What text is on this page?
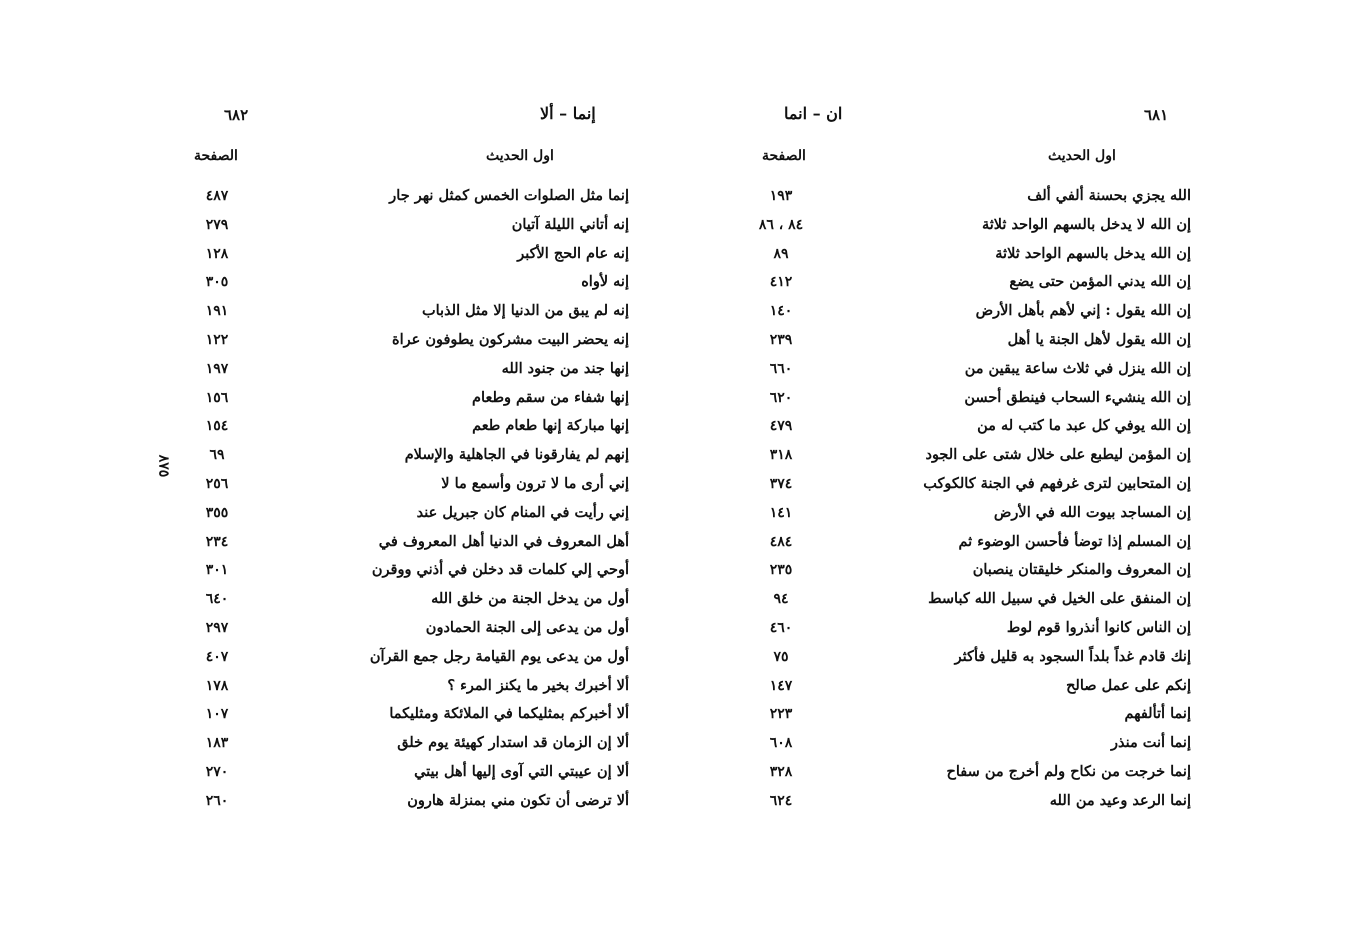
٦٨١
ان – انما
اول الحديث
الصفحة
الله يجزي بحسنة ألفي ألف
١٩٣
إن الله لا يدخل بالسهم الواحد ثلاثة
٨٤ ، ٨٦
إن الله يدخل بالسهم الواحد ثلاثة
٨٩
إن الله يدني المؤمن حتى يضع
٤١٢
إن الله يقول : إني لأهم بأهل الأرض
١٤٠
إن الله يقول لأهل الجنة يا أهل
٢٣٩
إن الله ينزل في ثلاث ساعة يبقين من
٦٦٠
إن الله ينشيء السحاب فينطق أحسن
٦٢٠
إن الله يوفي كل عبد ما كتب له من
٤٧٩
إن المؤمن ليطبع على خلال شتى على الجود
٣١٨
إن المتحابين لترى غرفهم في الجنة كالكوكب
٣٧٤
إن المساجد بيوت الله في الأرض
١٤١
إن المسلم إذا توضأ فأحسن الوضوء ثم
٤٨٤
إن المعروف والمنكر خليقتان ينصبان
٢٣٥
إن المنفق على الخيل في سبيل الله كباسط
٩٤
إن الناس كانوا أنذروا قوم لوط
٤٦٠
إنك قادم غداً بلداً السجود به قليل فأكثر
٧٥
إنكم على عمل صالح
١٤٧
إنما أتألفهم
٢٢٣
إنما أنت منذر
٦٠٨
إنما خرجت من نكاح ولم أخرج من سفاح
٣٢٨
إنما الرعد وعيد من الله
٦٢٤
٦٨٢	إنما – ألا
اول الحديث
الصفحة
٨٧٥
إنما مثل الصلوات الخمس كمثل نهر جار
٤٨٧
إنه أتاني الليلة آتيان
٢٧٩
إنه عام الحج الأكبر
١٢٨
إنه لأواه
٣٠٥
إنه لم يبق من الدنيا إلا مثل الذباب
١٩١
إنه يحضر البيت مشركون يطوفون عراة
١٢٢
إنها جند من جنود الله
١٩٧
إنها شفاء من سقم وطعام
١٥٦
إنها مباركة إنها طعام طعم
١٥٤
إنهم لم يفارقونا في الجاهلية والإسلام
٦٩
إني أرى ما لا ترون وأسمع ما لا
٢٥٦
إني رأيت في المنام كان جبريل عند
٣٥٥
أهل المعروف في الدنيا أهل المعروف في
٢٣٤
أوحي إلي كلمات قد دخلن في أذني ووقرن
٣٠١
أول من يدخل الجنة من خلق الله
٦٤٠
أول من يدعى إلى الجنة الحمادون
٢٩٧
أول من يدعى يوم القيامة رجل جمع القرآن
٤٠٧
ألا أخبرك بخير ما يكنز المرء ؟
١٧٨
ألا أخبركم بمثليكما في الملائكة ومثليكما
١٠٧
ألا إن الزمان قد استدار كهيئة يوم خلق
١٨٣
ألا إن عيبتي التي آوى إليها أهل بيتي
٢٧٠
ألا ترضى أن تكون مني بمنزلة هارون
٢٦٠
